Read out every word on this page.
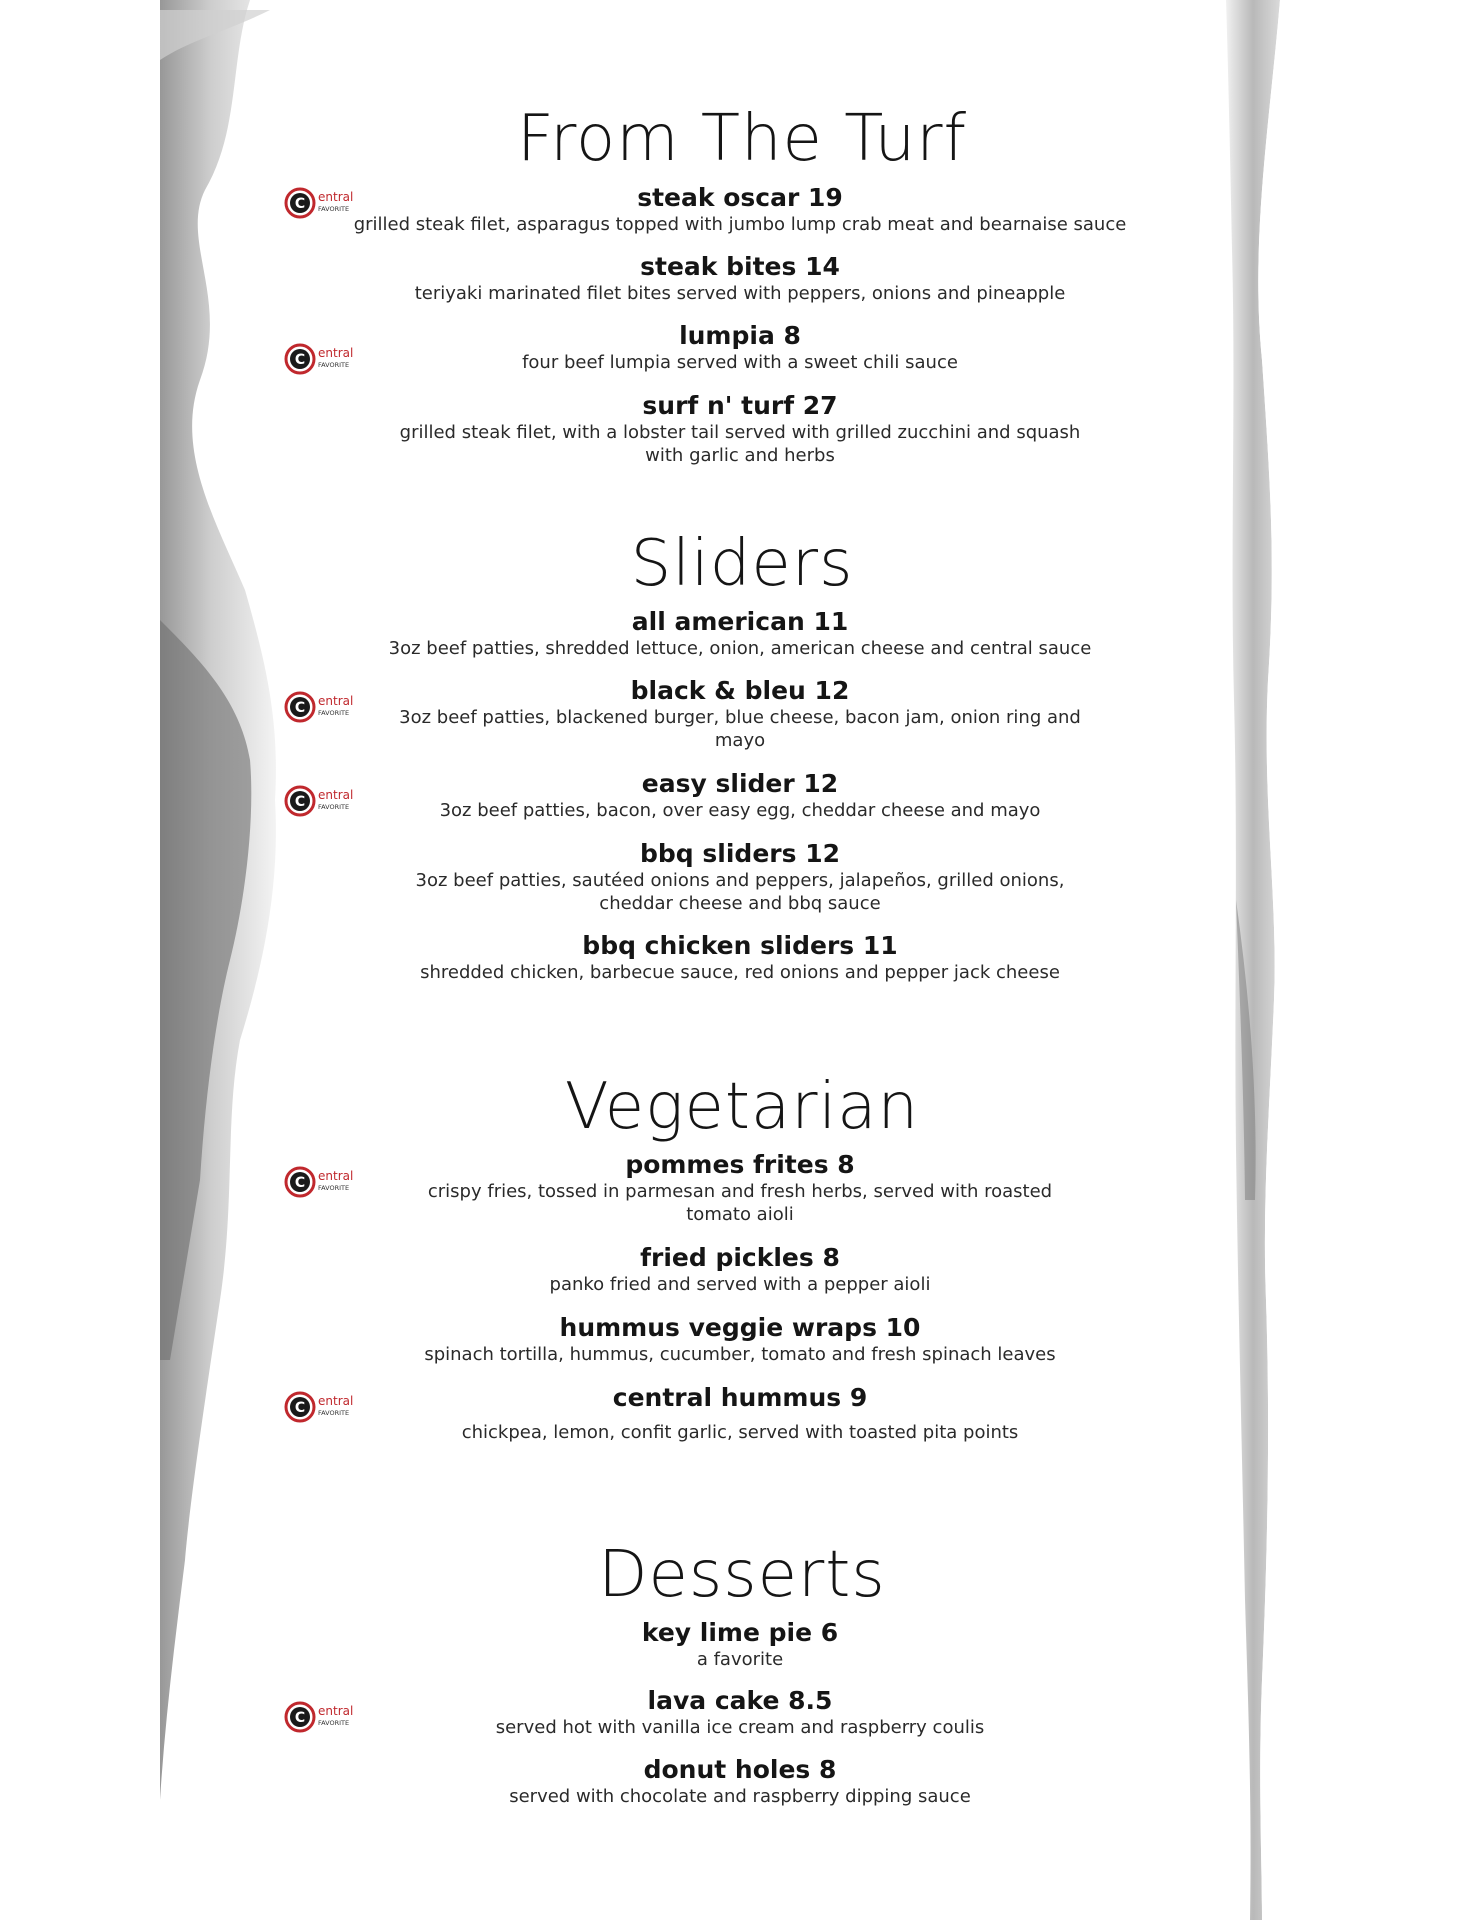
From The Turf
C entral
FAVORITE	steak oscar 19
grilled steak filet, asparagus topped with jumbo lump crab meat and bearnaise sauce
steak bites 14
teriyaki marinated filet bites served with peppers, onions and pineapple
C entral
FAVORITE
lumpia 8
four beef lumpia served with a sweet chili sauce
surf n' turf 27
grilled steak filet, with a lobster tail served with grilled zucchini and squash with garlic and herbs
Sliders
all american 11
3oz beef patties, shredded lettuce, onion, american cheese and central sauce
C entral
FAVORITE
black & bleu 12
3oz beef patties, blackened burger, blue cheese, bacon jam, onion ring and mayo
C entral
FAVORITE
easy slider 12
3oz beef patties, bacon, over easy egg, cheddar cheese and mayo
bbq sliders 12
3oz beef patties, sautéed onions and peppers, jalapeños, grilled onions, cheddar cheese and bbq sauce
bbq chicken sliders 11
shredded chicken, barbecue sauce, red onions and pepper jack cheese
Vegetarian
C entral
FAVORITE
pommes frites 8
crispy fries, tossed in parmesan and fresh herbs, served with roasted tomato aioli
fried pickles 8
panko fried and served with a pepper aioli
hummus veggie wraps 10
spinach tortilla, hummus, cucumber, tomato and fresh spinach leaves
C entral
FAVORITE
central hummus 9
chickpea, lemon, confit garlic, served with toasted pita points
Desserts
key lime pie 6
a favorite
C entral
FAVORITE
lava cake 8.5
served hot with vanilla ice cream and raspberry coulis
donut holes 8
served with chocolate and raspberry dipping sauce
